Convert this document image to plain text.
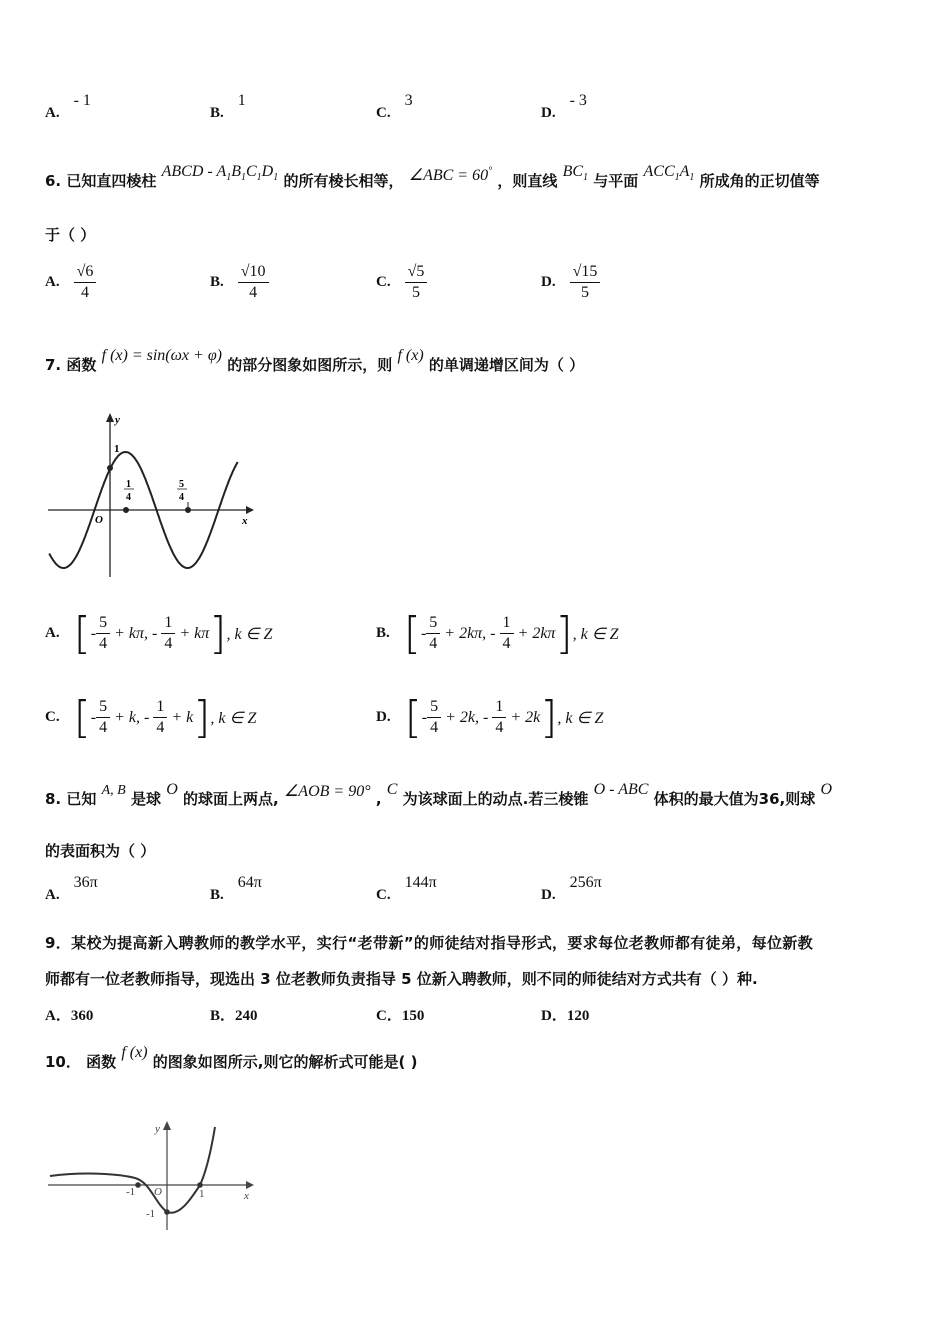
A.
- 1
B.
1
C.
3
D.
- 3
6. 已知直四棱柱 ABCD - $A_1B_1C_1D_1$ 的所有棱长相等， ∠ABC = 60° ，则直线 $BC_1$ 与平面 $ACC_1A_1$ 所成角的正切值等
于（ ）
A. $\frac{√6}{4}$	B. $\frac{√10}{4}$	C. $\frac{√5}{5}$	D. $\frac{√15}{5}$
7. 函数 f (x) = sin(ωx + φ) 的部分图象如图所示，则 f (x) 的单调递增区间为（ ）
y
x
O
1
1
4
5
4
A. [ - $\frac{5}{4} + k\pi$, - $\frac{1}{4} + k\pi$ ] , k ∈ Z	B. [ - $\frac{5}{4} + 2k\pi$, - $\frac{1}{4} + 2k\pi$ ] , k ∈ Z
C. [ - $\frac{5}{4} + k$, - $\frac{1}{4} + k$ ] , k ∈ Z	D. [ - $\frac{5}{4} + 2k$, - $\frac{1}{4} + 2k$ ] , k ∈ Z
8. 已知 A, B 是球 O 的球面上两点, ∠AOB = 90° , C 为该球面上的动点.若三棱锥 O - ABC 体积的最大值为36,则球 O
的表面积为（ ）
A.
36π
B.
64π
C.
144π
D.
256π
9．某校为提高新入聘教师的教学水平，实行“老带新”的师徒结对指导形式，要求每位老教师都有徒弟，每位新教
师都有一位老教师指导，现选出 3 位老教师负责指导 5 位新入聘教师，则不同的师徒结对方式共有（ ）种.
A．360	B．240	C．150	D．120
10． 函数 f (x) 的图象如图所示,则它的解析式可能是( )
y
x
O
-1	1
-1
